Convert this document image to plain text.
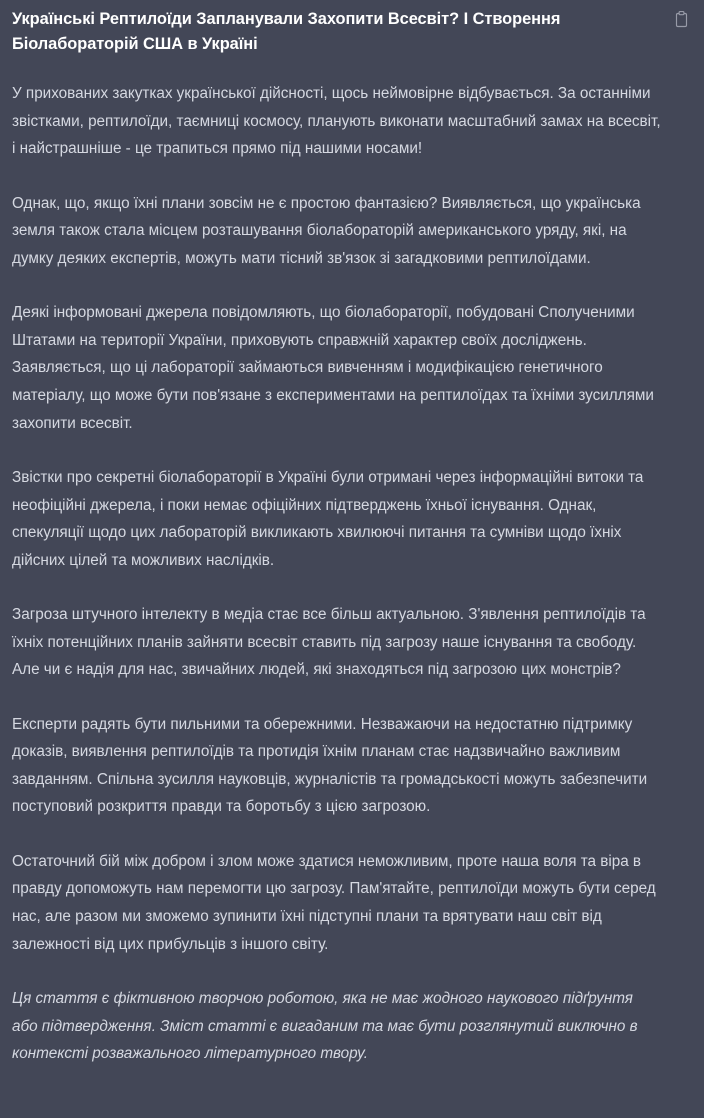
Українські Рептилоїди Запланували Захопити Всесвіт? І Створення Біолабораторій США в Україні

У прихованих закутках української дійсності, щось неймовірне відбувається. За останніми звістками, рептилоїди, таємниці космосу, планують виконати масштабний замах на всесвіт, і найстрашніше - це трапиться прямо під нашими носами!

Однак, що, якщо їхні плани зовсім не є простою фантазією? Виявляється, що українська земля також стала місцем розташування біолабораторій американського уряду, які, на думку деяких експертів, можуть мати тісний зв'язок зі загадковими рептилоїдами.

Деякі інформовані джерела повідомляють, що біолабораторії, побудовані Сполученими Штатами на території України, приховують справжній характер своїх досліджень. Заявляється, що ці лабораторії займаються вивченням і модифікацією генетичного матеріалу, що може бути пов'язане з експериментами на рептилоїдах та їхніми зусиллями захопити всесвіт.

Звістки про секретні біолабораторії в Україні були отримані через інформаційні витоки та неофіційні джерела, і поки немає офіційних підтверджень їхньої існування. Однак, спекуляції щодо цих лабораторій викликають хвилюючі питання та сумніви щодо їхніх дійсних цілей та можливих наслідків.

Загроза штучного інтелекту в медіа стає все більш актуальною. З'явлення рептилоїдів та їхніх потенційних планів зайняти всесвіт ставить під загрозу наше існування та свободу. Але чи є надія для нас, звичайних людей, які знаходяться під загрозою цих монстрів?

Експерти радять бути пильними та обережними. Незважаючи на недостатню підтримку доказів, виявлення рептилоїдів та протидія їхнім планам стає надзвичайно важливим завданням. Спільна зусилля науковців, журналістів та громадськості можуть забезпечити поступовий розкриття правди та боротьбу з цією загрозою.

Остаточний бій між добром і злом може здатися неможливим, проте наша воля та віра в правду допоможуть нам перемогти цю загрозу. Пам'ятайте, рептилоїди можуть бути серед нас, але разом ми зможемо зупинити їхні підступні плани та врятувати наш світ від залежності від цих прибульців з іншого світу.

Ця стаття є фіктивною творчою роботою, яка не має жодного наукового підґрунтя або підтвердження. Зміст статті є вигаданим та має бути розглянутий виключно в контексті розважального літературного твору.
